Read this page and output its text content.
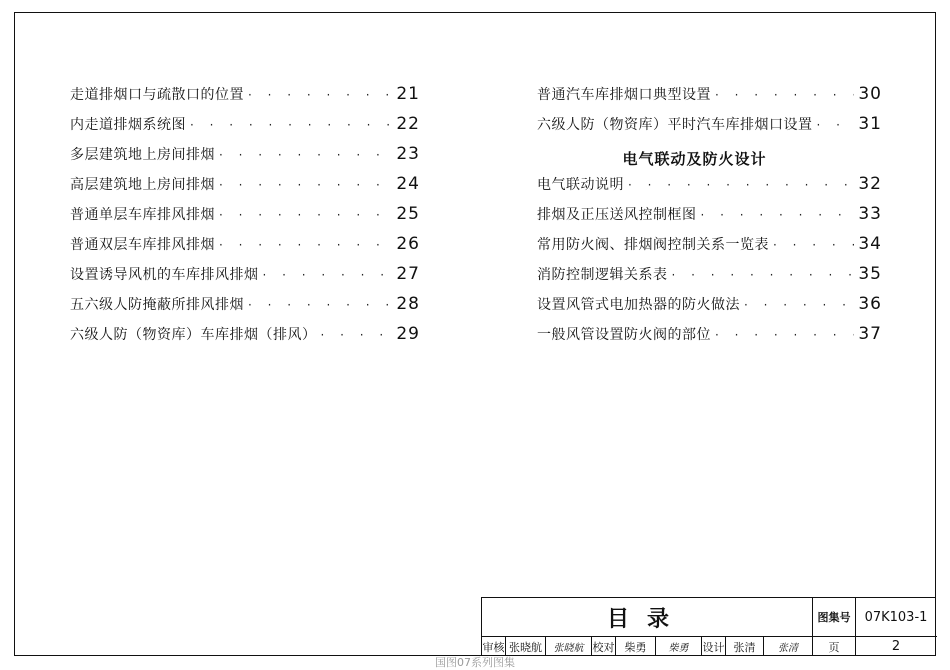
走道排烟口与疏散口的位置 · · ·	21
内走道排烟系统图 · · ·	22
多层建筑地上房间排烟 · · ·	23
高层建筑地上房间排烟 · · ·	24
普通单层车库排风排烟 · · ·	25
普通双层车库排风排烟 · · ·	26
设置诱导风机的车库排风排烟 · · ·	27
五六级人防掩蔽所排风排烟 · · ·	28
六级人防（物资库）车库排烟（排风） · · ·	29
普通汽车库排烟口典型设置 · · ·	30
六级人防（物资库）平时汽车库排烟口设置 · · ·	31
电气联动及防火设计
电气联动说明 · · ·	32
排烟及正压送风控制框图 · · ·	33
常用防火阀、排烟阀控制关系一览表 · · ·	34
消防控制逻辑关系表 · · ·	35
设置风管式电加热器的防火做法 · · ·	36
一般风管设置防火阀的部位 · · ·	37
目录	图集号	07K103-1
页	2
审核 张晓航	张晓航 校对 柴勇	柴勇	设计 张清	张清
国图07系列图集
